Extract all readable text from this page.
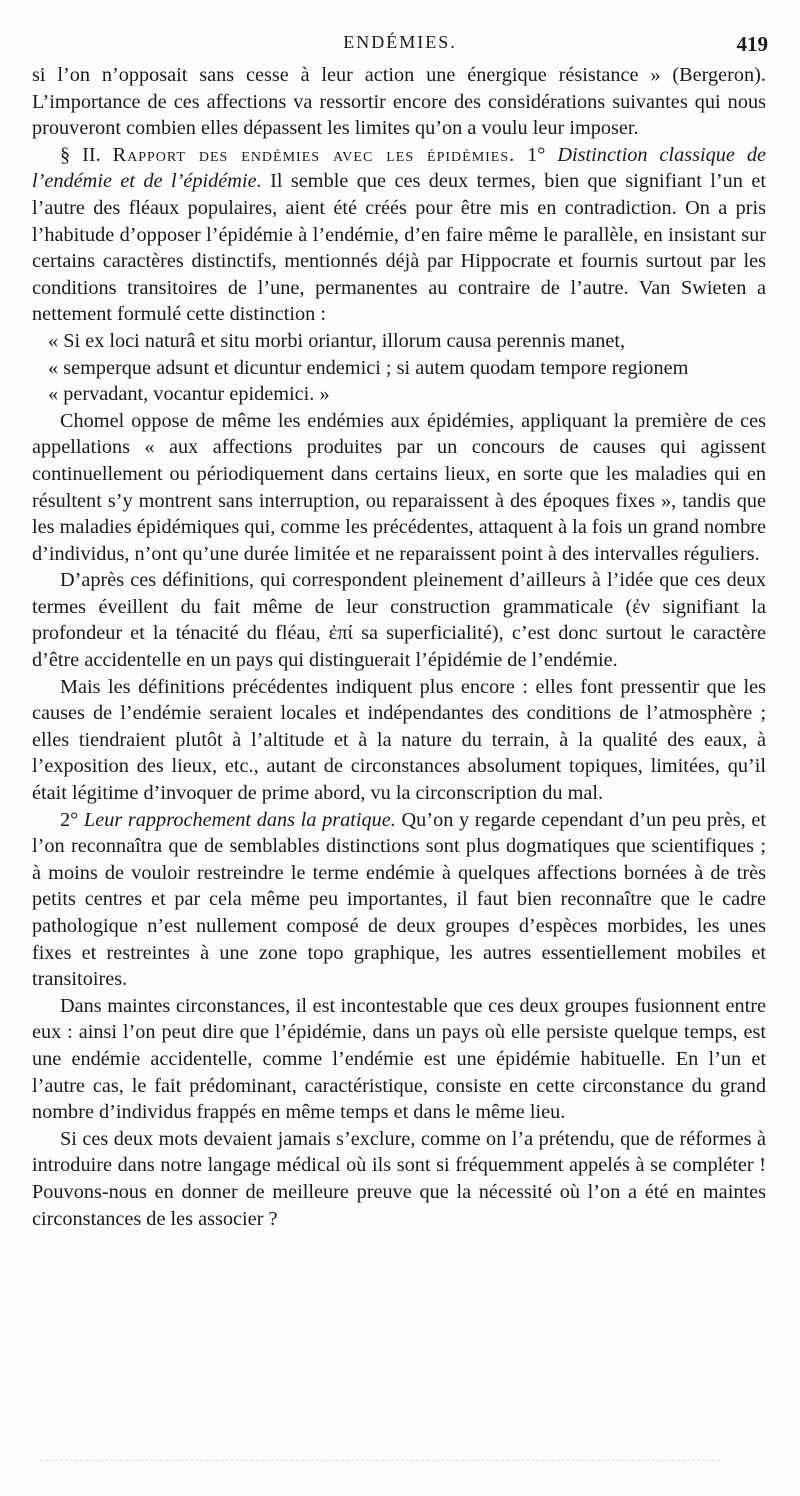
ENDÉMIES.	419

si l’on n’opposait sans cesse à leur action une énergique résistance » (Bergeron). L’importance de ces affections va ressortir encore des considérations suivantes qui nous prouveront combien elles dépassent les limites qu’on a voulu leur imposer.

§ II. Rapport des endémies avec les épidémies. 1° Distinction classique de l’endémie et de l’épidémie. Il semble que ces deux termes, bien que signifiant l’un et l’autre des fléaux populaires, aient été créés pour être mis en contradiction. On a pris l’habitude d’opposer l’épidémie à l’endémie, d’en faire même le parallèle, en insistant sur certains caractères distinctifs, mentionnés déjà par Hippocrate et fournis surtout par les conditions transitoires de l’une, permanentes au contraire de l’autre. Van Swieten a nettement formulé cette distinction :

« Si ex loci naturâ et situ morbi oriantur, illorum causa perennis manet,
« semperque adsunt et dicuntur endemici ; si autem quodam tempore regionem
« pervadant, vocantur epidemici. »

Chomel oppose de même les endémies aux épidémies, appliquant la première de ces appellations « aux affections produites par un concours de causes qui agissent continuellement ou périodiquement dans certains lieux, en sorte que les maladies qui en résultent s’y montrent sans interruption, ou reparaissent à des époques fixes », tandis que les maladies épidémiques qui, comme les précédentes, attaquent à la fois un grand nombre d’individus, n’ont qu’une durée limitée et ne reparaissent point à des intervalles réguliers.

D’après ces définitions, qui correspondent pleinement d’ailleurs à l’idée que ces deux termes éveillent du fait même de leur construction grammaticale (ἐν signifiant la profondeur et la ténacité du fléau, ἐπί sa superficialité), c’est donc surtout le caractère d’être accidentelle en un pays qui distinguerait l’épidémie de l’endémie.

Mais les définitions précédentes indiquent plus encore : elles font pressentir que les causes de l’endémie seraient locales et indépendantes des conditions de l’atmosphère ; elles tiendraient plutôt à l’altitude et à la nature du terrain, à la qualité des eaux, à l’exposition des lieux, etc., autant de circonstances absolument topiques, limitées, qu’il était légitime d’invoquer de prime abord, vu la circonscription du mal.

2° Leur rapprochement dans la pratique. Qu’on y regarde cependant d’un peu près, et l’on reconnaîtra que de semblables distinctions sont plus dogmatiques que scientifiques ; à moins de vouloir restreindre le terme endémie à quelques affections bornées à de très petits centres et par cela même peu importantes, il faut bien reconnaître que le cadre pathologique n’est nullement composé de deux groupes d’espèces morbides, les unes fixes et restreintes à une zone topo graphique, les autres essentiellement mobiles et transitoires.

Dans maintes circonstances, il est incontestable que ces deux groupes fusionnent entre eux : ainsi l’on peut dire que l’épidémie, dans un pays où elle persiste quelque temps, est une endémie accidentelle, comme l’endémie est une épidémie habituelle. En l’un et l’autre cas, le fait prédominant, caractéristique, consiste en cette circonstance du grand nombre d’individus frappés en même temps et dans le même lieu.

Si ces deux mots devaient jamais s’exclure, comme on l’a prétendu, que de réformes à introduire dans notre langage médical où ils sont si fréquemment appelés à se compléter ! Pouvons-nous en donner de meilleure preuve que la nécessité où l’on a été en maintes circonstances de les associer ?
